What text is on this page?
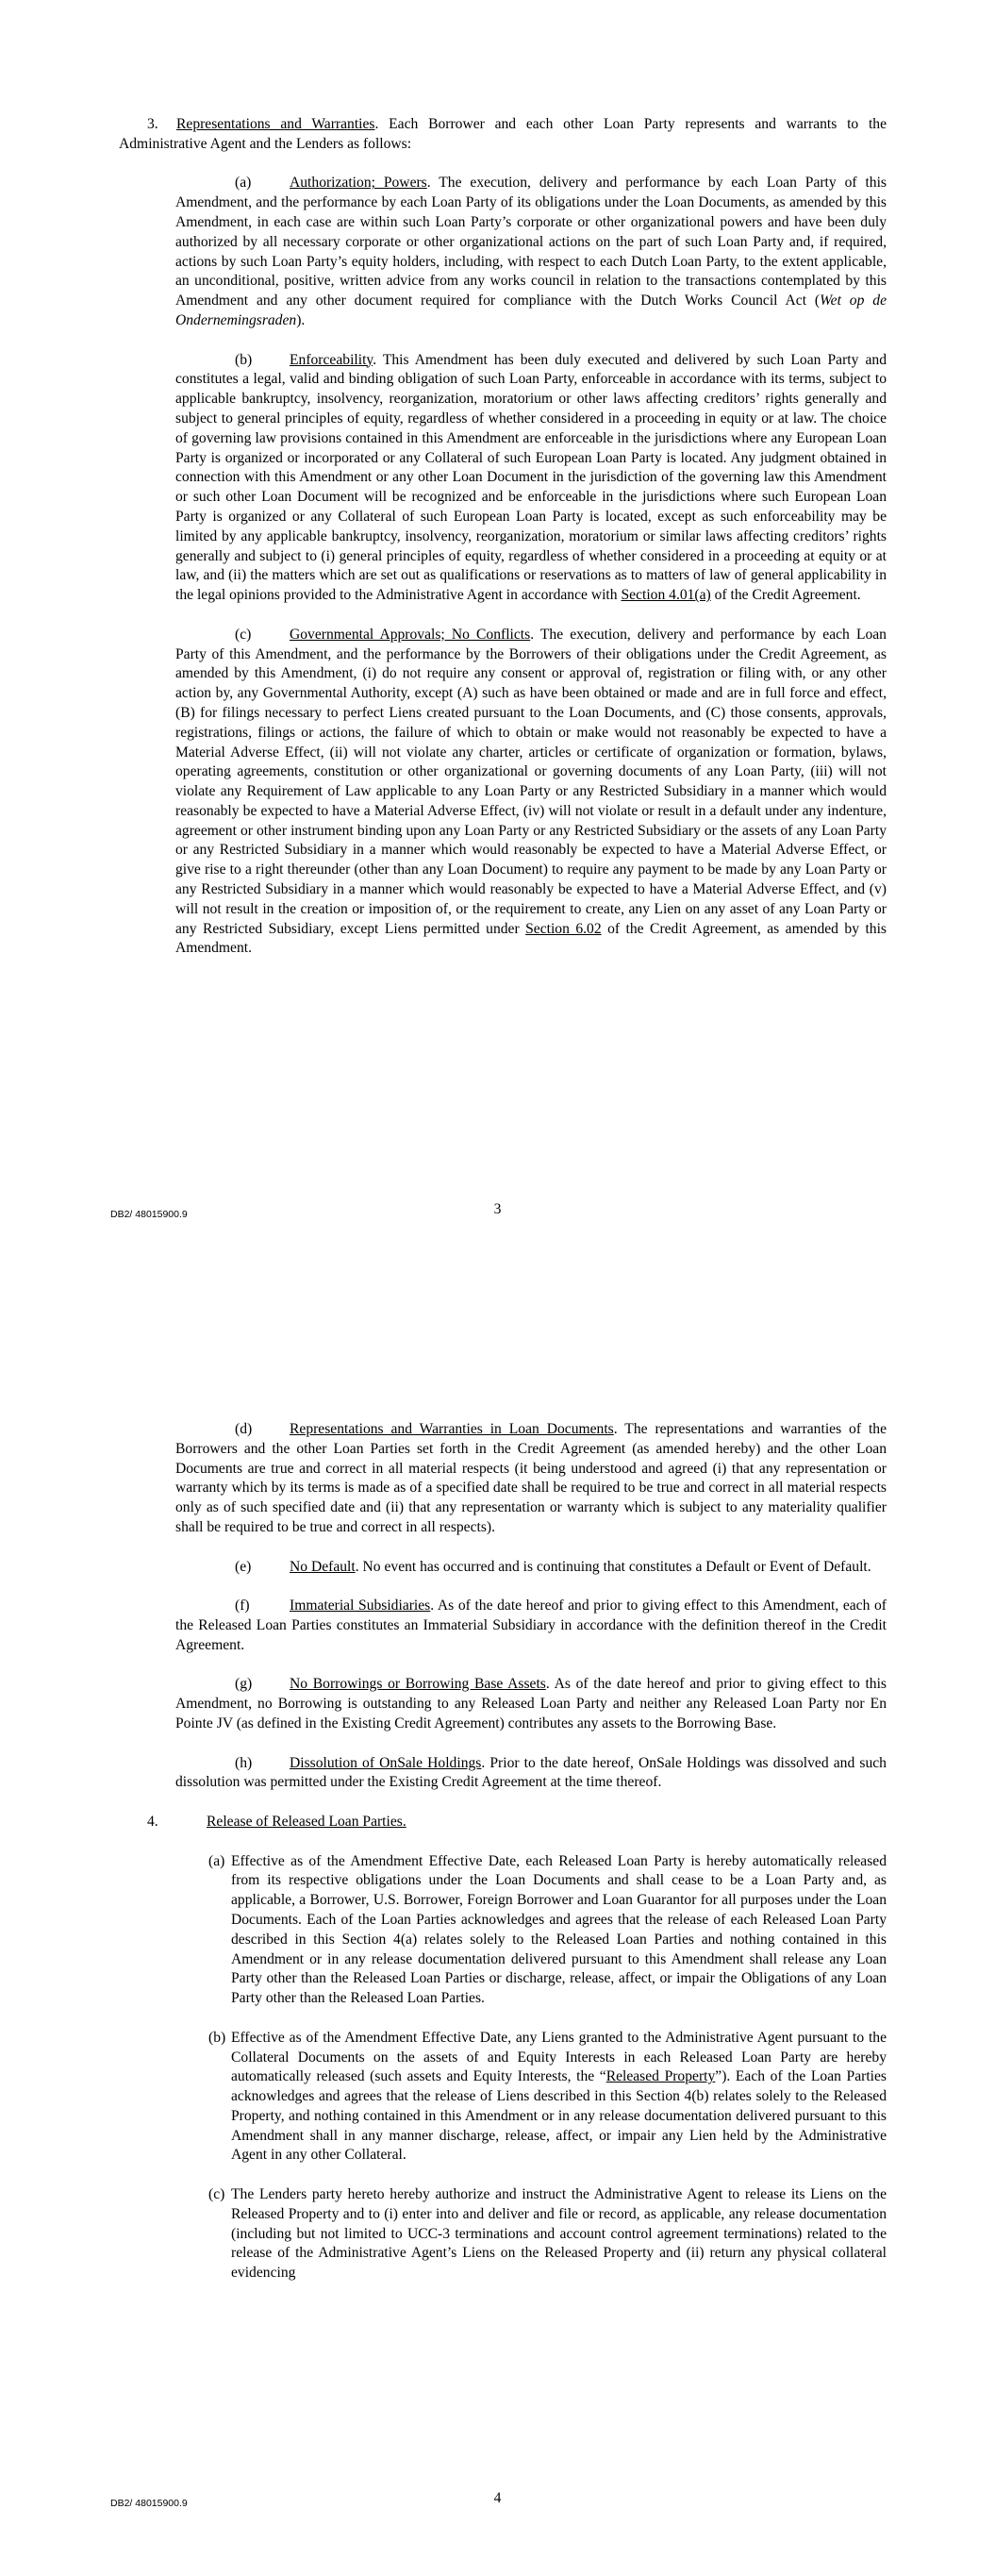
3. Representations and Warranties. Each Borrower and each other Loan Party represents and warrants to the Administrative Agent and the Lenders as follows:

(a)	Authorization; Powers. The execution, delivery and performance by each Loan Party of this Amendment, and the performance by each Loan Party of its obligations under the Loan Documents, as amended by this Amendment, in each case are within such Loan Party’s corporate or other organizational powers and have been duly authorized by all necessary corporate or other organizational actions on the part of such Loan Party and, if required, actions by such Loan Party’s equity holders, including, with respect to each Dutch Loan Party, to the extent applicable, an unconditional, positive, written advice from any works council in relation to the transactions contemplated by this Amendment and any other document required for compliance with the Dutch Works Council Act (Wet op de Ondernemingsraden).

(b)	Enforceability. This Amendment has been duly executed and delivered by such Loan Party and constitutes a legal, valid and binding obligation of such Loan Party, enforceable in accordance with its terms, subject to applicable bankruptcy, insolvency, reorganization, moratorium or other laws affecting creditors’ rights generally and subject to general principles of equity, regardless of whether considered in a proceeding in equity or at law. The choice of governing law provisions contained in this Amendment are enforceable in the jurisdictions where any European Loan Party is organized or incorporated or any Collateral of such European Loan Party is located. Any judgment obtained in connection with this Amendment or any other Loan Document in the jurisdiction of the governing law this Amendment or such other Loan Document will be recognized and be enforceable in the jurisdictions where such European Loan Party is organized or any Collateral of such European Loan Party is located, except as such enforceability may be limited by any applicable bankruptcy, insolvency, reorganization, moratorium or similar laws affecting creditors’ rights generally and subject to (i) general principles of equity, regardless of whether considered in a proceeding at equity or at law, and (ii) the matters which are set out as qualifications or reservations as to matters of law of general applicability in the legal opinions provided to the Administrative Agent in accordance with Section 4.01(a) of the Credit Agreement.

(c)	Governmental Approvals; No Conflicts. The execution, delivery and performance by each Loan Party of this Amendment, and the performance by the Borrowers of their obligations under the Credit Agreement, as amended by this Amendment, (i) do not require any consent or approval of, registration or filing with, or any other action by, any Governmental Authority, except (A) such as have been obtained or made and are in full force and effect, (B) for filings necessary to perfect Liens created pursuant to the Loan Documents, and (C) those consents, approvals, registrations, filings or actions, the failure of which to obtain or make would not reasonably be expected to have a Material Adverse Effect, (ii) will not violate any charter, articles or certificate of organization or formation, bylaws, operating agreements, constitution or other organizational or governing documents of any Loan Party, (iii) will not violate any Requirement of Law applicable to any Loan Party or any Restricted Subsidiary in a manner which would reasonably be expected to have a Material Adverse Effect, (iv) will not violate or result in a default under any indenture, agreement or other instrument binding upon any Loan Party or any Restricted Subsidiary or the assets of any Loan Party or any Restricted Subsidiary in a manner which would reasonably be expected to have a Material Adverse Effect, or give rise to a right thereunder (other than any Loan Document) to require any payment to be made by any Loan Party or any Restricted Subsidiary in a manner which would reasonably be expected to have a Material Adverse Effect, and (v) will not result in the creation or imposition of, or the requirement to create, any Lien on any asset of any Loan Party or any Restricted Subsidiary, except Liens permitted under Section 6.02 of the Credit Agreement, as amended by this Amendment.

DB2/ 48015900.9	3

(d)	Representations and Warranties in Loan Documents. The representations and warranties of the Borrowers and the other Loan Parties set forth in the Credit Agreement (as amended hereby) and the other Loan Documents are true and correct in all material respects (it being understood and agreed (i) that any representation or warranty which by its terms is made as of a specified date shall be required to be true and correct in all material respects only as of such specified date and (ii) that any representation or warranty which is subject to any materiality qualifier shall be required to be true and correct in all respects).

(e)	No Default. No event has occurred and is continuing that constitutes a Default or Event of Default.

(f)	Immaterial Subsidiaries. As of the date hereof and prior to giving effect to this Amendment, each of the Released Loan Parties constitutes an Immaterial Subsidiary in accordance with the definition thereof in the Credit Agreement.

(g)	No Borrowings or Borrowing Base Assets. As of the date hereof and prior to giving effect to this Amendment, no Borrowing is outstanding to any Released Loan Party and neither any Released Loan Party nor En Pointe JV (as defined in the Existing Credit Agreement) contributes any assets to the Borrowing Base.

(h)	Dissolution of OnSale Holdings. Prior to the date hereof, OnSale Holdings was dissolved and such dissolution was permitted under the Existing Credit Agreement at the time thereof.

4.	Release of Released Loan Parties.

(a) Effective as of the Amendment Effective Date, each Released Loan Party is hereby automatically released from its respective obligations under the Loan Documents and shall cease to be a Loan Party and, as applicable, a Borrower, U.S. Borrower, Foreign Borrower and Loan Guarantor for all purposes under the Loan Documents. Each of the Loan Parties acknowledges and agrees that the release of each Released Loan Party described in this Section 4(a) relates solely to the Released Loan Parties and nothing contained in this Amendment or in any release documentation delivered pursuant to this Amendment shall release any Loan Party other than the Released Loan Parties or discharge, release, affect, or impair the Obligations of any Loan Party other than the Released Loan Parties.

(b) Effective as of the Amendment Effective Date, any Liens granted to the Administrative Agent pursuant to the Collateral Documents on the assets of and Equity Interests in each Released Loan Party are hereby automatically released (such assets and Equity Interests, the “Released Property”). Each of the Loan Parties acknowledges and agrees that the release of Liens described in this Section 4(b) relates solely to the Released Property, and nothing contained in this Amendment or in any release documentation delivered pursuant to this Amendment shall in any manner discharge, release, affect, or impair any Lien held by the Administrative Agent in any other Collateral.

(c) The Lenders party hereto hereby authorize and instruct the Administrative Agent to release its Liens on the Released Property and to (i) enter into and deliver and file or record, as applicable, any release documentation (including but not limited to UCC-3 terminations and account control agreement terminations) related to the release of the Administrative Agent’s Liens on the Released Property and (ii) return any physical collateral evidencing

DB2/ 48015900.9	4
